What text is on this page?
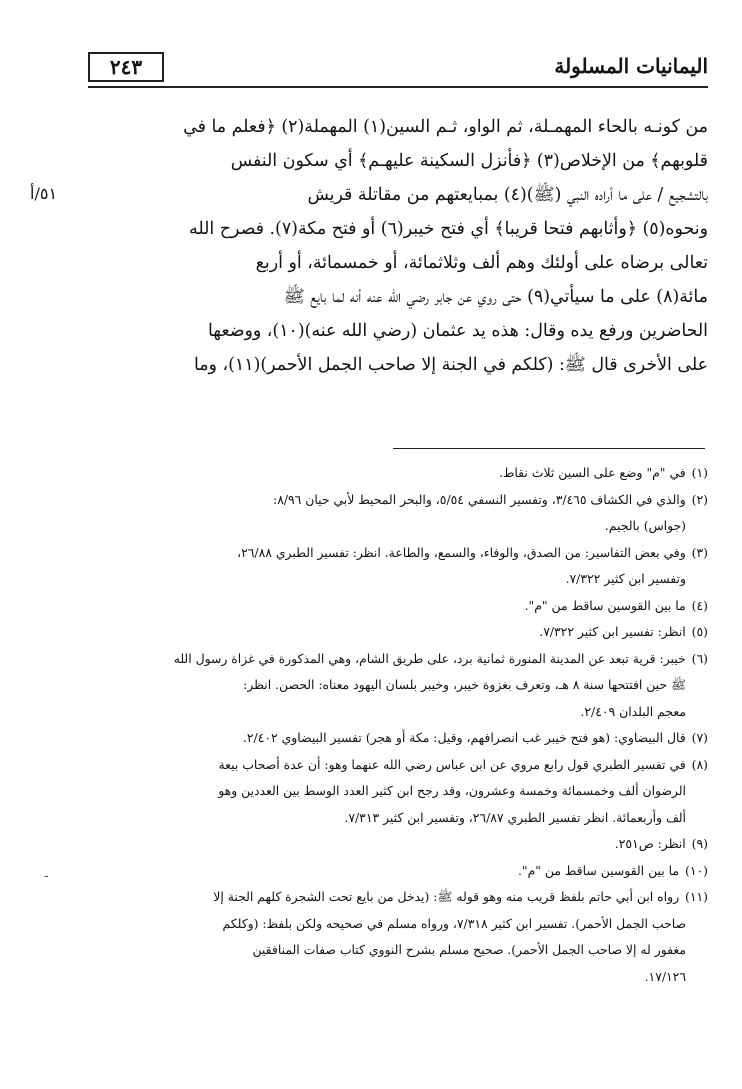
٢٤٣	اليمانيات المسلولة
٥١/أ
من كونـه بالحاء المهمـلة، ثم الواو، ثـم السين(١) المهملة(٢) ﴿فعلم ما في
قلوبهم﴾ من الإخلاص(٣) ﴿فأنزل السكينة عليهـم﴾ أي سكون النفس
بالتشجيع / على ما أراده النبي (ﷺ)(٤) بمبايعتهم من مقاتلة قريش
ونحوه(٥) ﴿وأثابهم فتحا قريبا﴾ أي فتح خيبر(٦) أو فتح مكة(٧). فصرح الله
تعالى برضاه على أولئك وهم ألف وثلاثمائة، أو خمسمائة، أو أربع
مائة(٨) على ما سيأتي(٩) حتى روي عن جابر رضي الله عنه أنه لما بايع ﷺ
الحاضرين ورفع يده وقال: هذه يد عثمان (رضي الله عنه)(١٠)، ووضعها
على الأخرى قال ﷺ: (كلكم في الجنة إلا صاحب الجمل الأحمر)(١١)، وما
(١) في "م" وضع على السين ثلاث نقاط.
(٢) والذي في الكشاف ٣/٤٦٥، وتفسير النسفي ٥/٥٤، والبحر المحيط لأبي حيان ٨/٩٦:
(جواس) بالجيم.
(٣) وفي بعض التفاسير: من الصدق، والوفاء، والسمع، والطاعة. انظر: تفسير الطبري ٢٦/٨٨،
وتفسير ابن كثير ٧/٣٢٢.
(٤) ما بين القوسين ساقط من "م".
(٥) انظر: تفسير ابن كثير ٧/٣٢٢.
(٦) خيبر: قرية تبعد عن المدينة المنورة ثمانية برد، على طريق الشام، وهي المذكورة في غزاة رسول الله
ﷺ حين افتتحها سنة ٨ هـ، وتعرف بغزوة خيبر، وخيبر بلسان اليهود معناه: الحصن. انظر:
معجم البلدان ٢/٤٠٩.
(٧) قال البيضاوي: (هو فتح خيبر غب انصرافهم، وقيل: مكة أو هجر) تفسير البيضاوي ٢/٤٠٢.
(٨) في تفسير الطبري قول رابع مروي عن ابن عباس رضي الله عنهما وهو: أن عدة أصحاب بيعة
الرضوان ألف وخمسمائة وخمسة وعشرون، وقد رجح ابن كثير العدد الوسط بين العددين وهو
ألف وأربعمائة. انظر تفسير الطبري ٢٦/٨٧، وتفسير ابن كثير ٧/٣١٣.
(٩) انظر: ص٢٥١.
(١٠) ما بين القوسين ساقط من "م".
(١١) رواه ابن أبي حاتم بلفظ قريب منه وهو قوله ﷺ: (يدخل من بايع تحت الشجرة كلهم الجنة إلا
صاحب الجمل الأحمر). تفسير ابن كثير ٧/٣١٨، ورواه مسلم في صحيحه ولكن بلفظ: (وكلكم
مغفور له إلا صاحب الجمل الأحمر). صحيح مسلم بشرح النووي كتاب صفات المنافقين
١٧/١٢٦.
-
